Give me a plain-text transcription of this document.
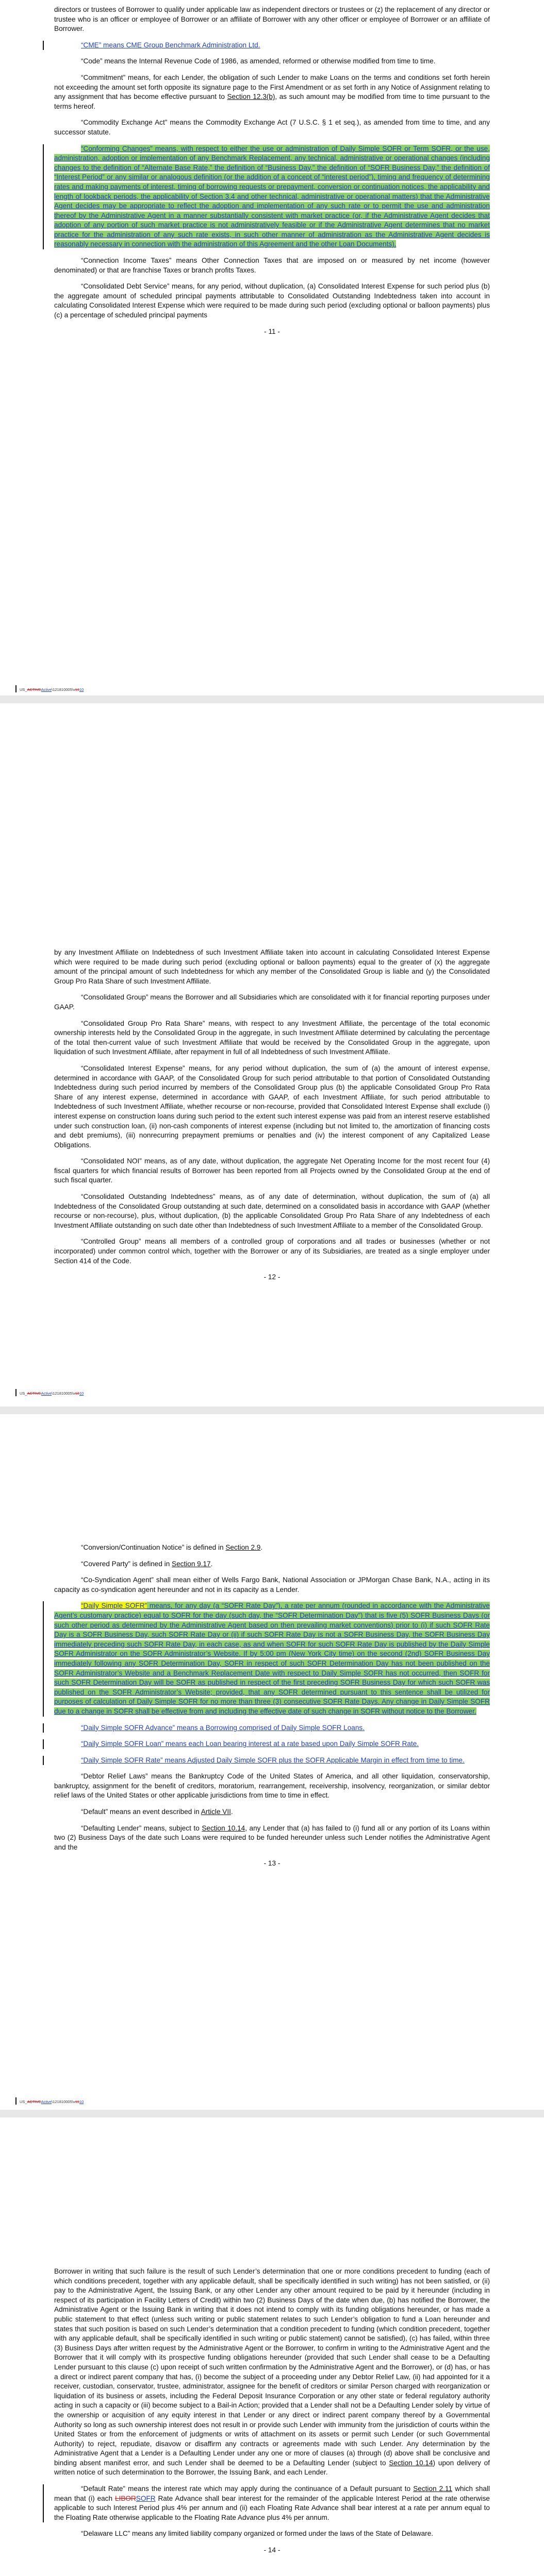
directors or trustees of Borrower to qualify under applicable law as independent directors or trustees or (z) the replacement of any director or trustee who is an officer or employee of Borrower or an affiliate of Borrower with any other officer or employee of Borrower or an affiliate of Borrower.

“CME” means CME Group Benchmark Administration Ltd.

“Code” means the Internal Revenue Code of 1986, as amended, reformed or otherwise modified from time to time.

“Commitment” means, for each Lender, the obligation of such Lender to make Loans on the terms and conditions set forth herein not exceeding the amount set forth opposite its signature page to the First Amendment or as set forth in any Notice of Assignment relating to any assignment that has become effective pursuant to Section 12.3(b), as such amount may be modified from time to time pursuant to the terms hereof.

“Commodity Exchange Act” means the Commodity Exchange Act (7 U.S.C. § 1 et seq.), as amended from time to time, and any successor statute.

“Conforming Changes” means, with respect to either the use or administration of Daily Simple SOFR or Term SOFR, or the use, administration, adoption or implementation of any Benchmark Replacement, any technical, administrative or operational changes (including changes to the definition of “Alternate Base Rate,” the definition of “Business Day,” the definition of “SOFR Business Day,” the definition of “Interest Period” or any similar or analogous definition (or the addition of a concept of “interest period”), timing and frequency of determining rates and making payments of interest, timing of borrowing requests or prepayment, conversion or continuation notices, the applicability and length of lookback periods, the applicability of Section 3.4 and other technical, administrative or operational matters) that the Administrative Agent decides may be appropriate to reflect the adoption and implementation of any such rate or to permit the use and administration thereof by the Administrative Agent in a manner substantially consistent with market practice (or, if the Administrative Agent decides that adoption of any portion of such market practice is not administratively feasible or if the Administrative Agent determines that no market practice for the administration of any such rate exists, in such other manner of administration as the Administrative Agent decides is reasonably necessary in connection with the administration of this Agreement and the other Loan Documents).

“Connection Income Taxes” means Other Connection Taxes that are imposed on or measured by net income (however denominated) or that are franchise Taxes or branch profits Taxes.

“Consolidated Debt Service” means, for any period, without duplication, (a) Consolidated Interest Expense for such period plus (b) the aggregate amount of scheduled principal payments attributable to Consolidated Outstanding Indebtedness taken into account in calculating Consolidated Interest Expense which were required to be made during such period (excluding optional or balloon payments) plus (c) a percentage of scheduled principal payments

- 11 -
US_ACTIVEActive\121810005\v1310

by any Investment Affiliate on Indebtedness of such Investment Affiliate taken into account in calculating Consolidated Interest Expense which were required to be made during such period (excluding optional or balloon payments) equal to the greater of (x) the aggregate amount of the principal amount of such Indebtedness for which any member of the Consolidated Group is liable and (y) the Consolidated Group Pro Rata Share of such Investment Affiliate.

“Consolidated Group” means the Borrower and all Subsidiaries which are consolidated with it for financial reporting purposes under GAAP.

“Consolidated Group Pro Rata Share” means, with respect to any Investment Affiliate, the percentage of the total economic ownership interests held by the Consolidated Group in the aggregate, in such Investment Affiliate determined by calculating the percentage of the total then-current value of such Investment Affiliate that would be received by the Consolidated Group in the aggregate, upon liquidation of such Investment Affiliate, after repayment in full of all Indebtedness of such Investment Affiliate.

“Consolidated Interest Expense” means, for any period without duplication, the sum of (a) the amount of interest expense, determined in accordance with GAAP, of the Consolidated Group for such period attributable to that portion of Consolidated Outstanding Indebtedness during such period incurred by members of the Consolidated Group plus (b) the applicable Consolidated Group Pro Rata Share of any interest expense, determined in accordance with GAAP, of each Investment Affiliate, for such period attributable to Indebtedness of such Investment Affiliate, whether recourse or non-recourse, provided that Consolidated Interest Expense shall exclude (i) interest expense on construction loans during such period to the extent such interest expense was paid from an interest reserve established under such construction loan, (ii) non-cash components of interest expense (including but not limited to, the amortization of financing costs and debt premiums), (iii) nonrecurring prepayment premiums or penalties and (iv) the interest component of any Capitalized Lease Obligations.

“Consolidated NOI” means, as of any date, without duplication, the aggregate Net Operating Income for the most recent four (4) fiscal quarters for which financial results of Borrower has been reported from all Projects owned by the Consolidated Group at the end of such fiscal quarter.

“Consolidated Outstanding Indebtedness” means, as of any date of determination, without duplication, the sum of (a) all Indebtedness of the Consolidated Group outstanding at such date, determined on a consolidated basis in accordance with GAAP (whether recourse or non-recourse), plus, without duplication, (b) the applicable Consolidated Group Pro Rata Share of any Indebtedness of each Investment Affiliate outstanding on such date other than Indebtedness of such Investment Affiliate to a member of the Consolidated Group.

“Controlled Group” means all members of a controlled group of corporations and all trades or businesses (whether or not incorporated) under common control which, together with the Borrower or any of its Subsidiaries, are treated as a single employer under Section 414 of the Code.

- 12 -
US_ACTIVEActive\121810005\v1310

“Conversion/Continuation Notice” is defined in Section 2.9.

“Covered Party” is defined in Section 9.17.

“Co-Syndication Agent” shall mean either of Wells Fargo Bank, National Association or JPMorgan Chase Bank, N.A., acting in its capacity as co-syndication agent hereunder and not in its capacity as a Lender.

“Daily Simple SOFR” means, for any day (a “SOFR Rate Day”), a rate per annum (rounded in accordance with the Administrative Agent’s customary practice) equal to SOFR for the day (such day, the “SOFR Determination Day”) that is five (5) SOFR Business Days (or such other period as determined by the Administrative Agent based on then prevailing market conventions) prior to (i) if such SOFR Rate Day is a SOFR Business Day, such SOFR Rate Day or (ii) if such SOFR Rate Day is not a SOFR Business Day, the SOFR Business Day immediately preceding such SOFR Rate Day, in each case, as and when SOFR for such SOFR Rate Day is published by the Daily Simple SOFR Administrator on the SOFR Administrator’s Website. If by 5:00 pm (New York City time) on the second (2nd) SOFR Business Day immediately following any SOFR Determination Day, SOFR in respect of such SOFR Determination Day has not been published on the SOFR Administrator’s Website and a Benchmark Replacement Date with respect to Daily Simple SOFR has not occurred, then SOFR for such SOFR Determination Day will be SOFR as published in respect of the first preceding SOFR Business Day for which such SOFR was published on the SOFR Administrator’s Website; provided, that any SOFR determined pursuant to this sentence shall be utilized for purposes of calculation of Daily Simple SOFR for no more than three (3) consecutive SOFR Rate Days. Any change in Daily Simple SOFR due to a change in SOFR shall be effective from and including the effective date of such change in SOFR without notice to the Borrower.

“Daily Simple SOFR Advance” means a Borrowing comprised of Daily Simple SOFR Loans.

“Daily Simple SOFR Loan” means each Loan bearing interest at a rate based upon Daily Simple SOFR Rate.

“Daily Simple SOFR Rate” means Adjusted Daily Simple SOFR plus the SOFR Applicable Margin in effect from time to time.

“Debtor Relief Laws” means the Bankruptcy Code of the United States of America, and all other liquidation, conservatorship, bankruptcy, assignment for the benefit of creditors, moratorium, rearrangement, receivership, insolvency, reorganization, or similar debtor relief laws of the United States or other applicable jurisdictions from time to time in effect.

“Default” means an event described in Article VII.

“Defaulting Lender” means, subject to Section 10.14, any Lender that (a) has failed to (i) fund all or any portion of its Loans within two (2) Business Days of the date such Loans were required to be funded hereunder unless such Lender notifies the Administrative Agent and the

- 13 -
US_ACTIVEActive\121810005\v1310

Borrower in writing that such failure is the result of such Lender’s determination that one or more conditions precedent to funding (each of which conditions precedent, together with any applicable default, shall be specifically identified in such writing) has not been satisfied, or (ii) pay to the Administrative Agent, the Issuing Bank, or any other Lender any other amount required to be paid by it hereunder (including in respect of its participation in Facility Letters of Credit) within two (2) Business Days of the date when due, (b) has notified the Borrower, the Administrative Agent or the Issuing Bank in writing that it does not intend to comply with its funding obligations hereunder, or has made a public statement to that effect (unless such writing or public statement relates to such Lender’s obligation to fund a Loan hereunder and states that such position is based on such Lender’s determination that a condition precedent to funding (which condition precedent, together with any applicable default, shall be specifically identified in such writing or public statement) cannot be satisfied), (c) has failed, within three (3) Business Days after written request by the Administrative Agent or the Borrower, to confirm in writing to the Administrative Agent and the Borrower that it will comply with its prospective funding obligations hereunder (provided that such Lender shall cease to be a Defaulting Lender pursuant to this clause (c) upon receipt of such written confirmation by the Administrative Agent and the Borrower), or (d) has, or has a direct or indirect parent company that has, (i) become the subject of a proceeding under any Debtor Relief Law, (ii) had appointed for it a receiver, custodian, conservator, trustee, administrator, assignee for the benefit of creditors or similar Person charged with reorganization or liquidation of its business or assets, including the Federal Deposit Insurance Corporation or any other state or federal regulatory authority acting in such a capacity or (iii) become subject to a Bail-in Action; provided that a Lender shall not be a Defaulting Lender solely by virtue of the ownership or acquisition of any equity interest in that Lender or any direct or indirect parent company thereof by a Governmental Authority so long as such ownership interest does not result in or provide such Lender with immunity from the jurisdiction of courts within the United States or from the enforcement of judgments or writs of attachment on its assets or permit such Lender (or such Governmental Authority) to reject, repudiate, disavow or disaffirm any contracts or agreements made with such Lender. Any determination by the Administrative Agent that a Lender is a Defaulting Lender under any one or more of clauses (a) through (d) above shall be conclusive and binding absent manifest error, and such Lender shall be deemed to be a Defaulting Lender (subject to Section 10.14) upon delivery of written notice of such determination to the Borrower, the Issuing Bank, and each Lender.

“Default Rate” means the interest rate which may apply during the continuance of a Default pursuant to Section 2.11 which shall mean that (i) each LIBORSOFR Rate Advance shall bear interest for the remainder of the applicable Interest Period at the rate otherwise applicable to such Interest Period plus 4% per annum and (ii) each Floating Rate Advance shall bear interest at a rate per annum equal to the Floating Rate otherwise applicable to the Floating Rate Advance plus 4% per annum.

“Delaware LLC” means any limited liability company organized or formed under the laws of the State of Delaware.

- 14 -
